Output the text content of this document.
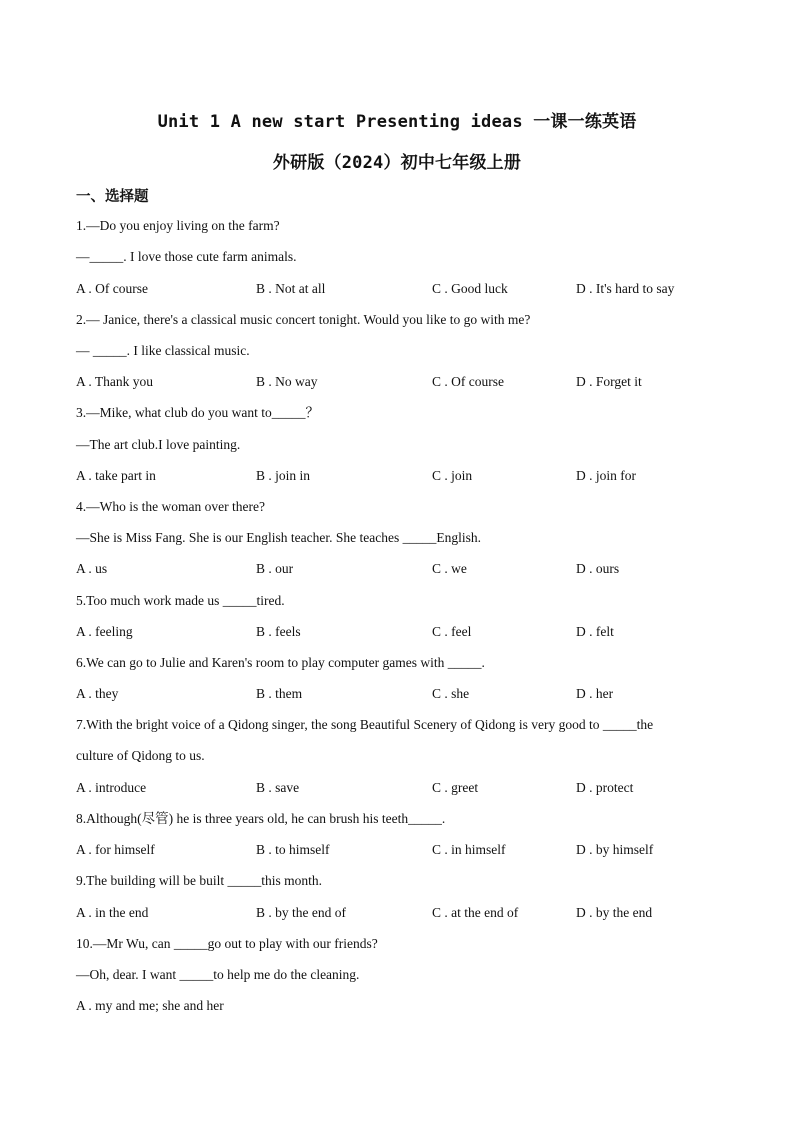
Unit 1 A new start Presenting ideas 一课一练英语
外研版（2024）初中七年级上册
一、选择题
1.—Do you enjoy living on the farm?
—_____. I love those cute farm animals.
A . Of course	B . Not at all	C . Good luck	D . It's hard to say
2.— Janice, there's a classical music concert tonight. Would you like to go with me?
— _____. I like classical music.
A . Thank you	B . No way	C . Of course	D . Forget it
3.—Mike, what club do you want to_____？
—The art club.I love painting.
A . take part in	B . join in	C . join	D . join for
4.—Who is the woman over there?
—She is Miss Fang. She is our English teacher. She teaches _____English.
A . us	B . our	C . we	D . ours
5.Too much work made us _____tired.
A . feeling	B . feels	C . feel	D . felt
6.We can go to Julie and Karen's room to play computer games with _____.
A . they	B . them	C . she	D . her
7.With the bright voice of a Qidong singer, the song Beautiful Scenery of Qidong is very good to _____the
culture of Qidong to us.
A . introduce	B . save	C . greet	D . protect
8.Although(尽管) he is three years old, he can brush his teeth_____.
A . for himself	B . to himself	C . in himself	D . by himself
9.The building will be built _____this month.
A . in the end	B . by the end of	C . at the end of	D . by the end
10.—Mr Wu, can _____go out to play with our friends?
—Oh, dear. I want _____to help me do the cleaning.
A . my and me; she and her
